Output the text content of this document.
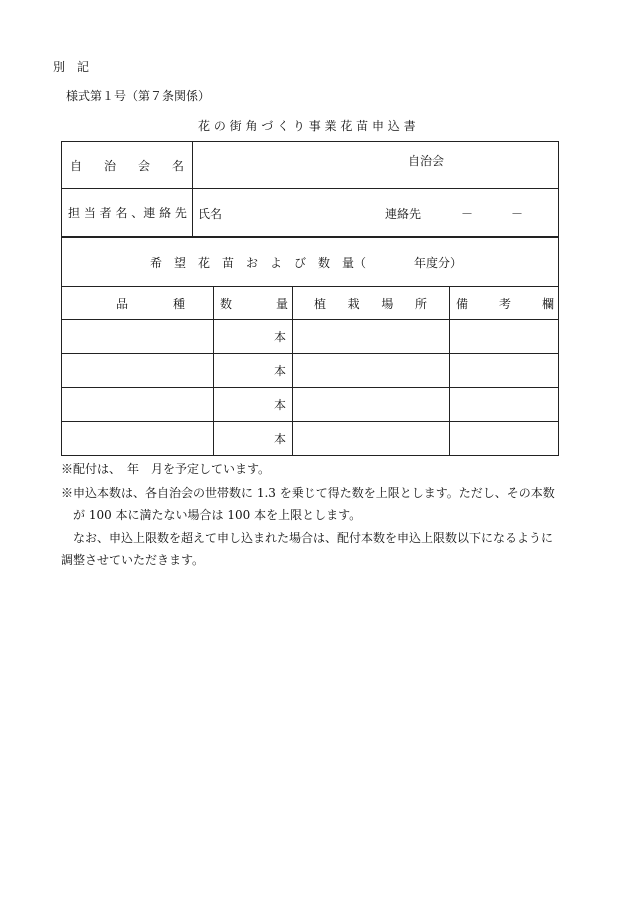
別　記
様式第１号（第７条関係）
花 の 街 角 づ く り 事 業 花 苗 申 込 書
自 治 会 名	自治会

担 当 者 名 、連 絡 先	氏名 連絡先 － －
希　望　花　苗　お　よ　び　数　量（　　　　年度分）			

品 種	数 量	植 栽 場 所	備 考 欄

	本		

	本		

	本		

	本		

※配付は、　年　月を予定しています。
※申込本数は、各自治会の世帯数に 1.3 を乗じて得た数を上限とします。ただし、その本数
が 100 本に満たない場合は 100 本を上限とします。
　なお、申込上限数を超えて申し込まれた場合は、配付本数を申込上限数以下になるように
調整させていただきます。
